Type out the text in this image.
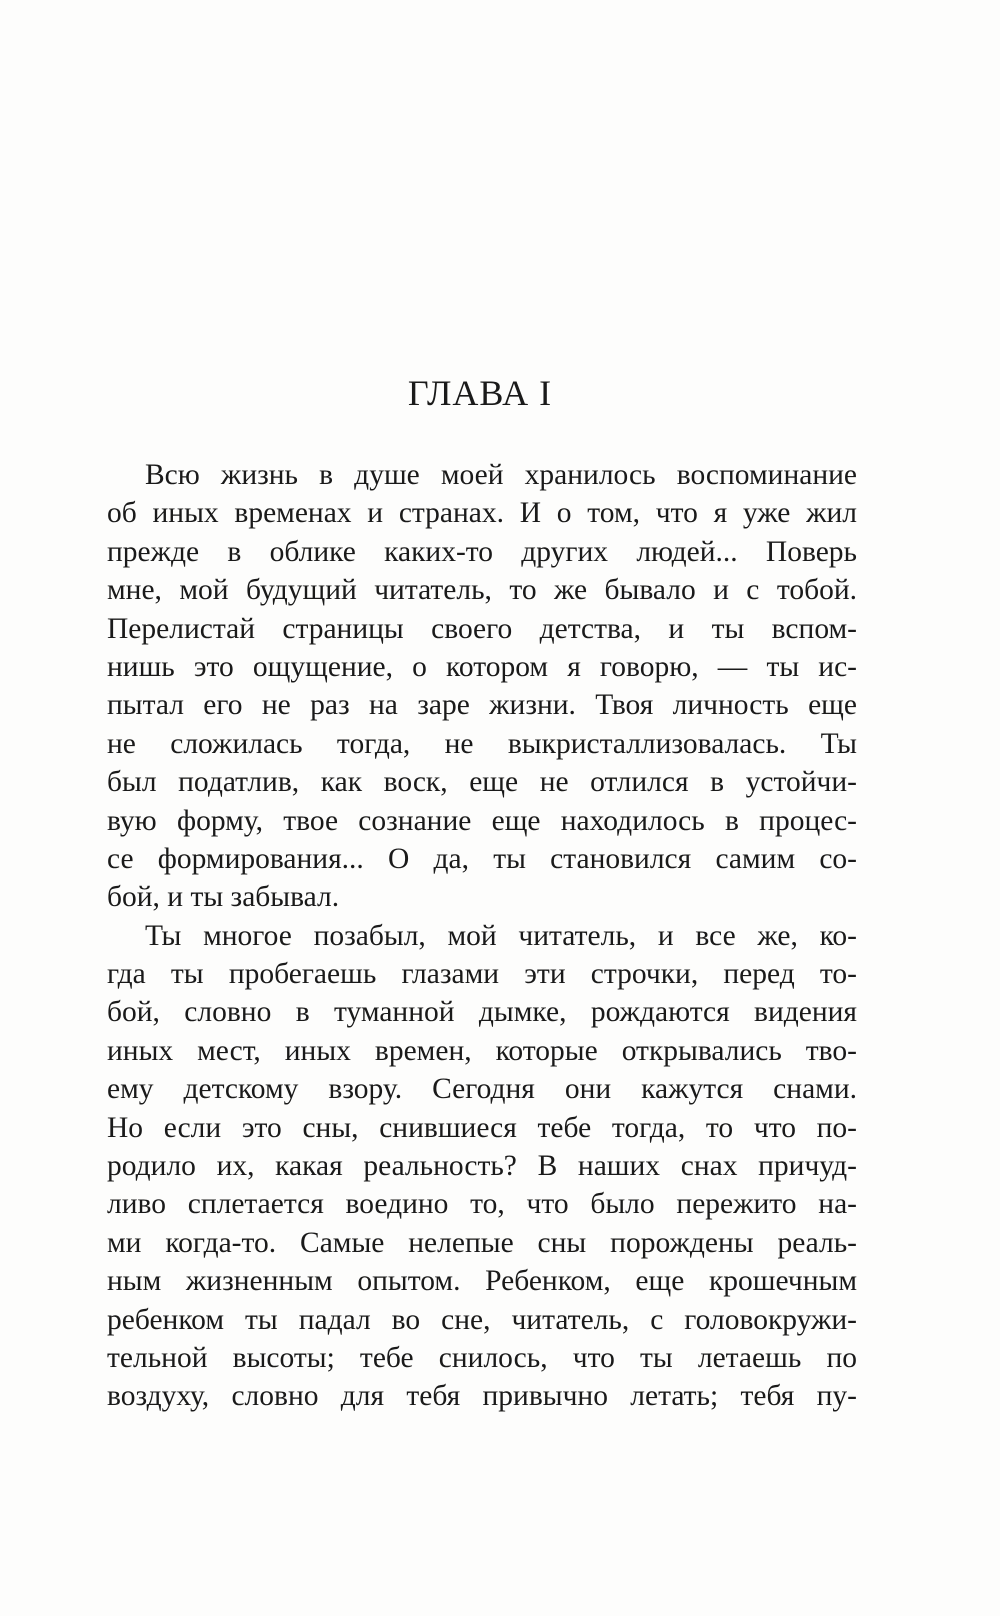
ГЛАВА I
Всю жизнь в душе моей хранилось воспоминание
об иных временах и странах. И о том, что я уже жил
прежде в облике каких-то других людей... Поверь
мне, мой будущий читатель, то же бывало и с тобой.
Перелистай страницы своего детства, и ты вспом-
нишь это ощущение, о котором я говорю, — ты ис-
пытал его не раз на заре жизни. Твоя личность еще
не сложилась тогда, не выкристаллизовалась. Ты
был податлив, как воск, еще не отлился в устойчи-
вую форму, твое сознание еще находилось в процес-
се формирования... О да, ты становился самим со-
бой, и ты забывал.
Ты многое позабыл, мой читатель, и все же, ко-
гда ты пробегаешь глазами эти строчки, перед то-
бой, словно в туманной дымке, рождаются видения
иных мест, иных времен, которые открывались тво-
ему детскому взору. Сегодня они кажутся снами.
Но если это сны, снившиеся тебе тогда, то что по-
родило их, какая реальность? В наших снах причуд-
ливо сплетается воедино то, что было пережито на-
ми когда-то. Самые нелепые сны порождены реаль-
ным жизненным опытом. Ребенком, еще крошечным
ребенком ты падал во сне, читатель, с головокружи-
тельной высоты; тебе снилось, что ты летаешь по
воздуху, словно для тебя привычно летать; тебя пу-
